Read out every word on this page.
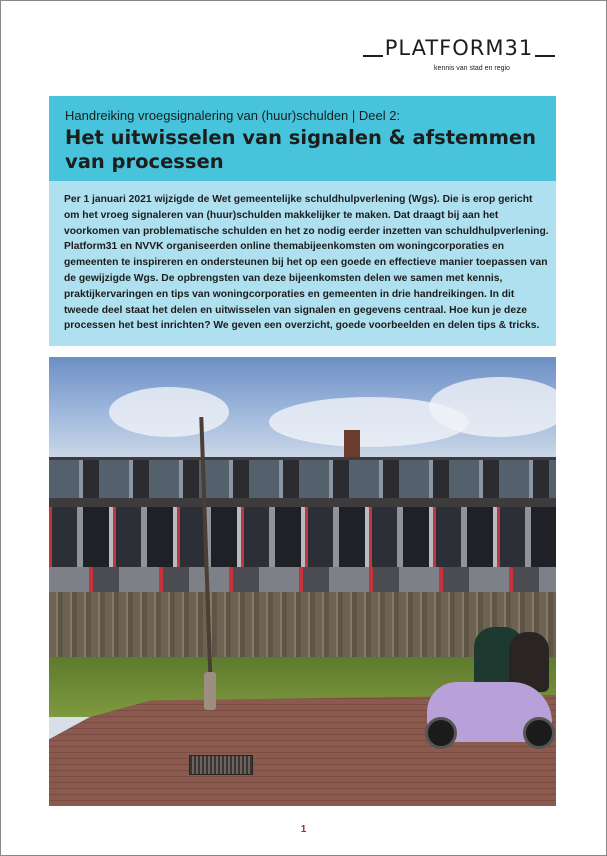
PLATFORM31
kennis van stad en regio
Handreiking vroegsignalering van (huur)schulden | Deel 2:
Het uitwisselen van signalen & afstemmen van processen

Per 1 januari 2021 wijzigde de Wet gemeentelijke schuldhulpverlening (Wgs). Die is erop gericht om het vroeg signaleren van (huur)schulden makkelijker te maken. Dat draagt bij aan het voorkomen van problematische schulden en het zo nodig eerder inzetten van schuldhulpverlening. Platform31 en NVVK organiseerden online themabijeenkomsten om woningcorporaties en gemeenten te inspireren en ondersteunen bij het op een goede en effectieve manier toepassen van de gewijzigde Wgs. De opbrengsten van deze bijeenkomsten delen we samen met kennis, praktijkervaringen en tips van woningcorporaties en gemeenten in drie handreikingen. In dit tweede deel staat het delen en uitwisselen van signalen en gegevens centraal. Hoe kun je deze processen het best inrichten? We geven een overzicht, goede voorbeelden en delen tips & tricks.

1
